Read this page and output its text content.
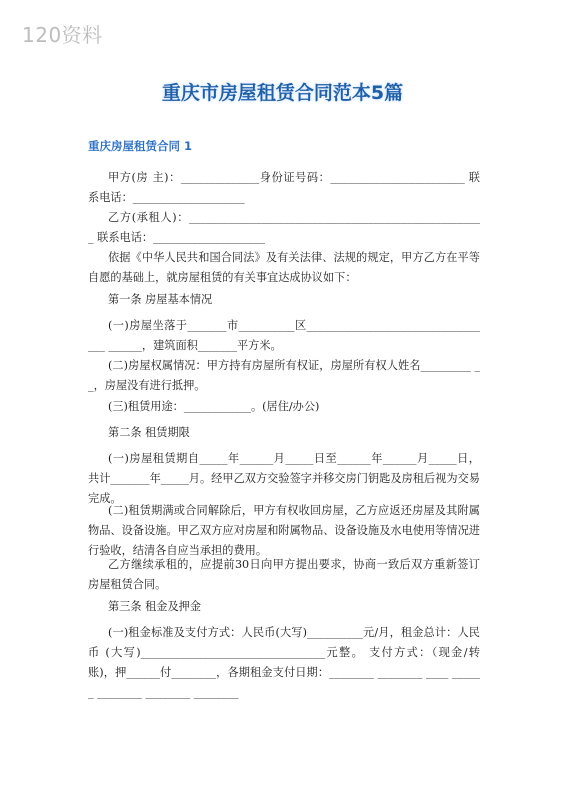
120资料
重庆市房屋租赁合同范本5篇
重庆房屋租赁合同 1
甲方(房 主)：______________身份证号码：________________________ 联系电话：____________________
乙方(承租人)：_____________________________________________________ 联系电话：____________________
依据《中华人民共和国合同法》及有关法律、法规的规定，甲方乙方在平等自愿的基础上，就房屋租赁的有关事宜达成协议如下：
第一条 房屋基本情况
(一)房屋坐落于_______市__________区__________________________________ ______，建筑面积_______平方米。
(二)房屋权属情况：甲方持有房屋所有权证，房屋所有权人姓名_________ __，房屋没有进行抵押。
(三)租赁用途：____________。(居住/办公)
第二条 租赁期限
(一)房屋租赁期自_____年______月_____日至______年______月_____日，共计_______年_____月。经甲乙双方交验签字并移交房门钥匙及房租后视为交易完成。
(二)租赁期满或合同解除后，甲方有权收回房屋，乙方应返还房屋及其附属物品、设备设施。甲乙双方应对房屋和附属物品、设备设施及水电使用等情况进行验收，结清各自应当承担的费用。
乙方继续承租的，应提前30日向甲方提出要求，协商一致后双方重新签订房屋租赁合同。
第三条 租金及押金
(一)租金标准及支付方式：人民币(大写)__________元/月，租金总计：人民币 (大写)_________________________________元整。 支付方式：（现金/转账)，押______付________，各期租金支付日期：________ ________ ____ ______ ________ ________ ________
